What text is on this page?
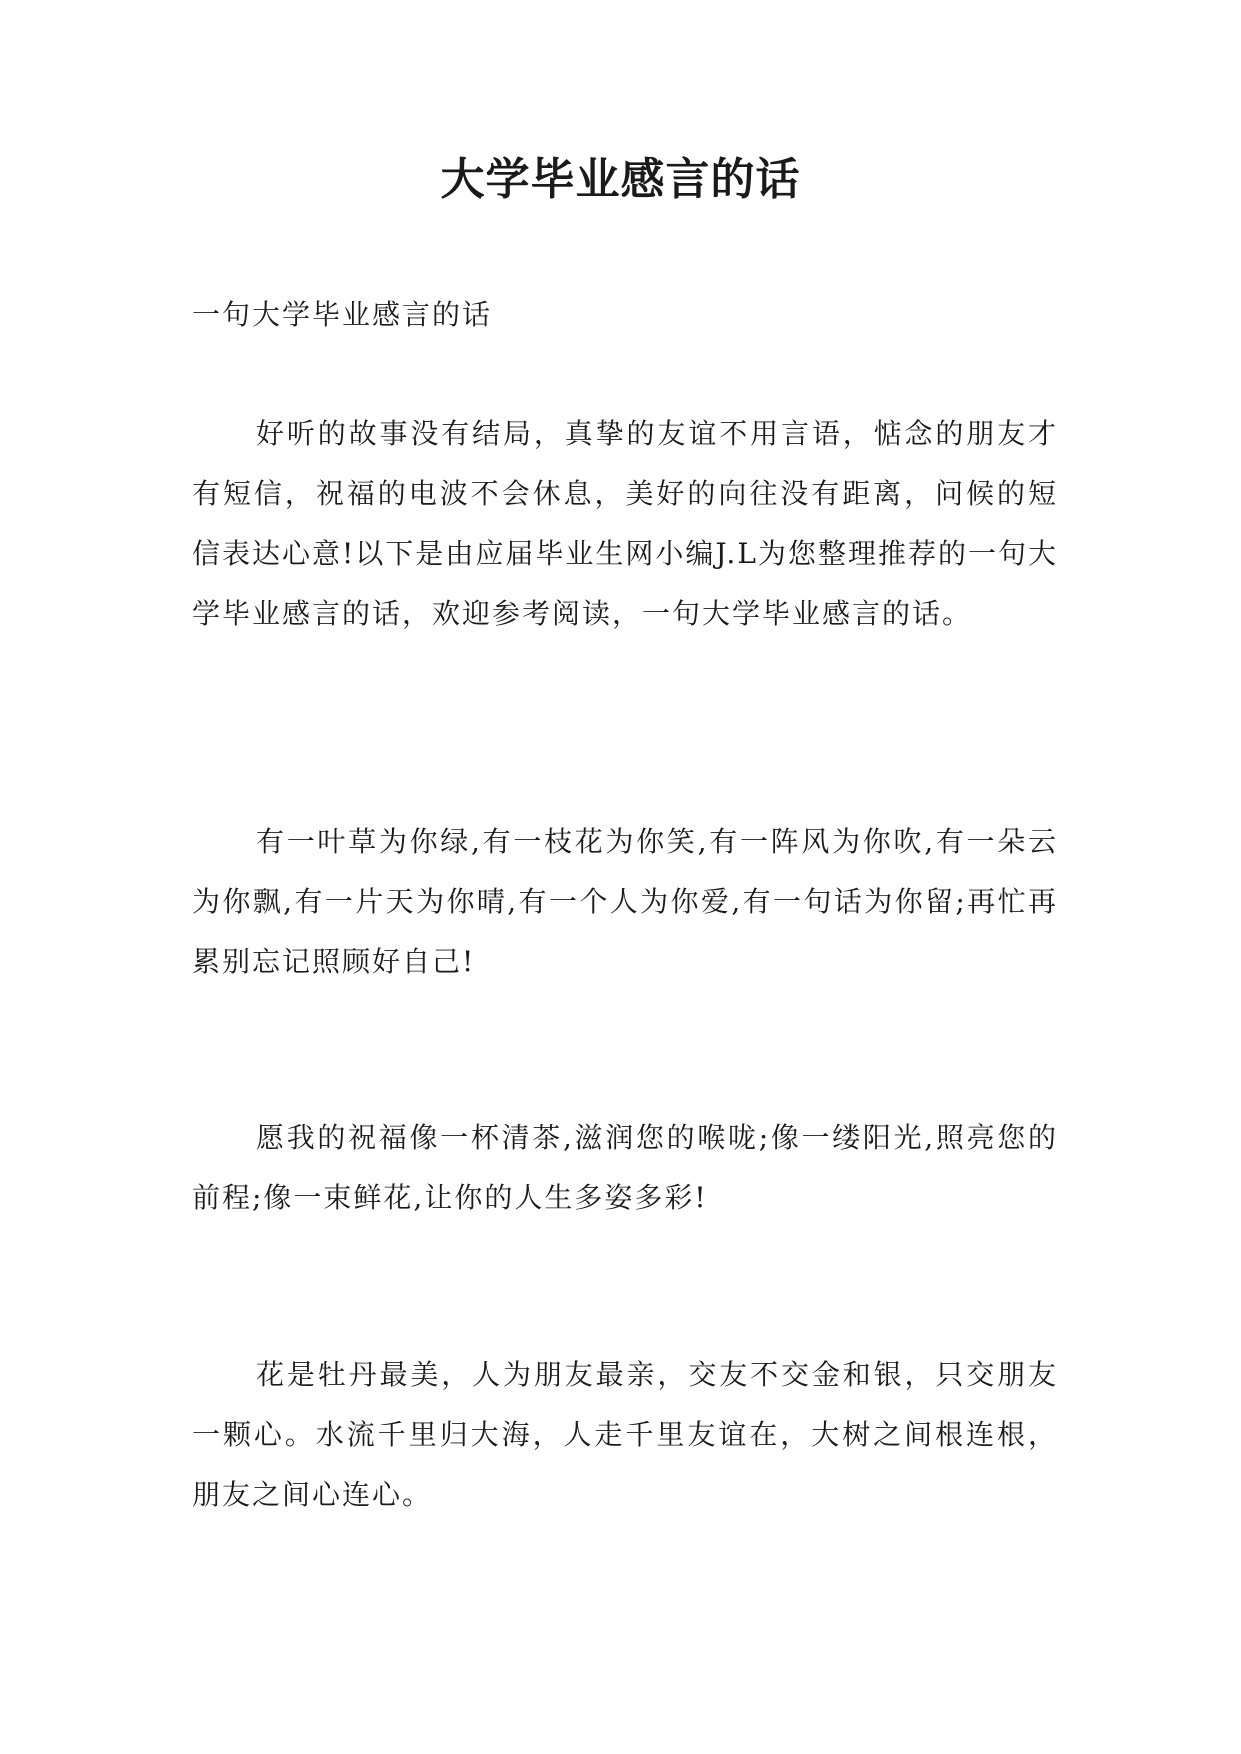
大学毕业感言的话

一句大学毕业感言的话

好听的故事没有结局，真挚的友谊不用言语，惦念的朋友才有短信，祝福的电波不会休息，美好的向往没有距离，问候的短信表达心意!以下是由应届毕业生网小编J.L为您整理推荐的一句大学毕业感言的话，欢迎参考阅读，一句大学毕业感言的话。

有一叶草为你绿,有一枝花为你笑,有一阵风为你吹,有一朵云为你飘,有一片天为你晴,有一个人为你爱,有一句话为你留;再忙再累别忘记照顾好自己!

愿我的祝福像一杯清茶,滋润您的喉咙;像一缕阳光,照亮您的前程;像一束鲜花,让你的人生多姿多彩!

花是牡丹最美，人为朋友最亲，交友不交金和银，只交朋友一颗心。水流千里归大海，人走千里友谊在，大树之间根连根，朋友之间心连心。
